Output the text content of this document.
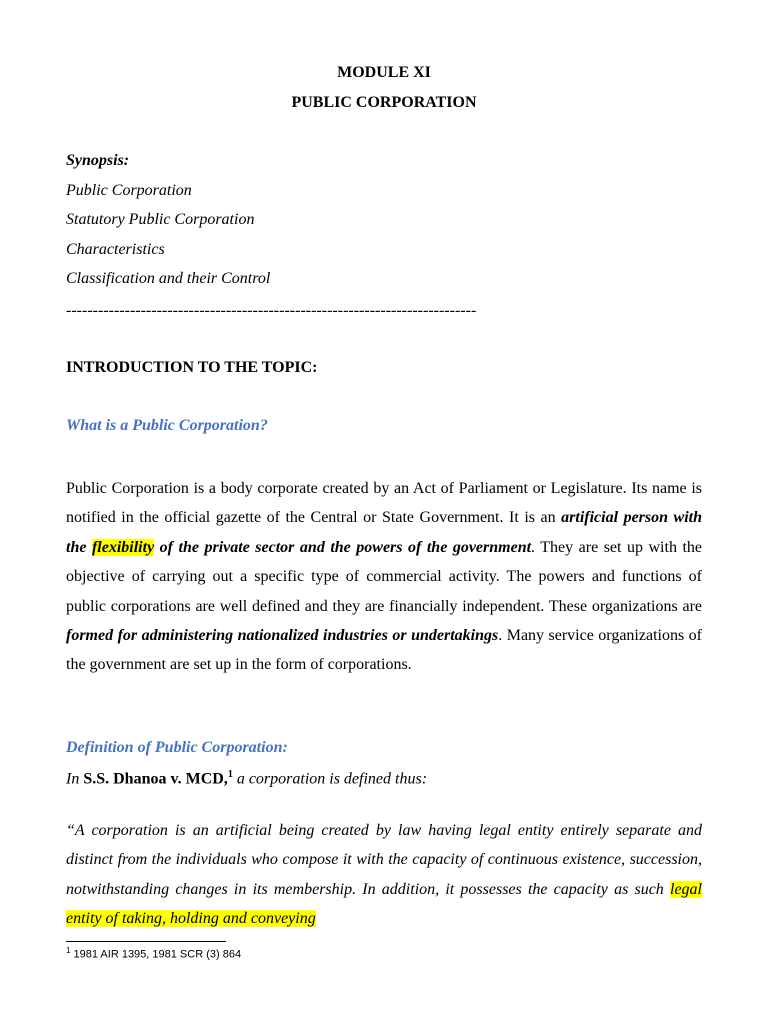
MODULE XI
PUBLIC CORPORATION
Synopsis:
Public Corporation
Statutory Public Corporation
Characteristics
Classification and their Control
-----------------------------------------------------------------------------
INTRODUCTION TO THE TOPIC:
What is a Public Corporation?
Public Corporation is a body corporate created by an Act of Parliament or Legislature. Its name is notified in the official gazette of the Central or State Government. It is an artificial person with the flexibility of the private sector and the powers of the government. They are set up with the objective of carrying out a specific type of commercial activity. The powers and functions of public corporations are well defined and they are financially independent. These organizations are formed for administering nationalized industries or undertakings. Many service organizations of the government are set up in the form of corporations.
Definition of Public Corporation:
In S.S. Dhanoa v. MCD,$^1$ a corporation is defined thus:
“A corporation is an artificial being created by law having legal entity entirely separate and distinct from the individuals who compose it with the capacity of continuous existence, succession, notwithstanding changes in its membership. In addition, it possesses the capacity as such legal entity of taking, holding and conveying
$^1$ 1981 AIR 1395, 1981 SCR (3) 864
